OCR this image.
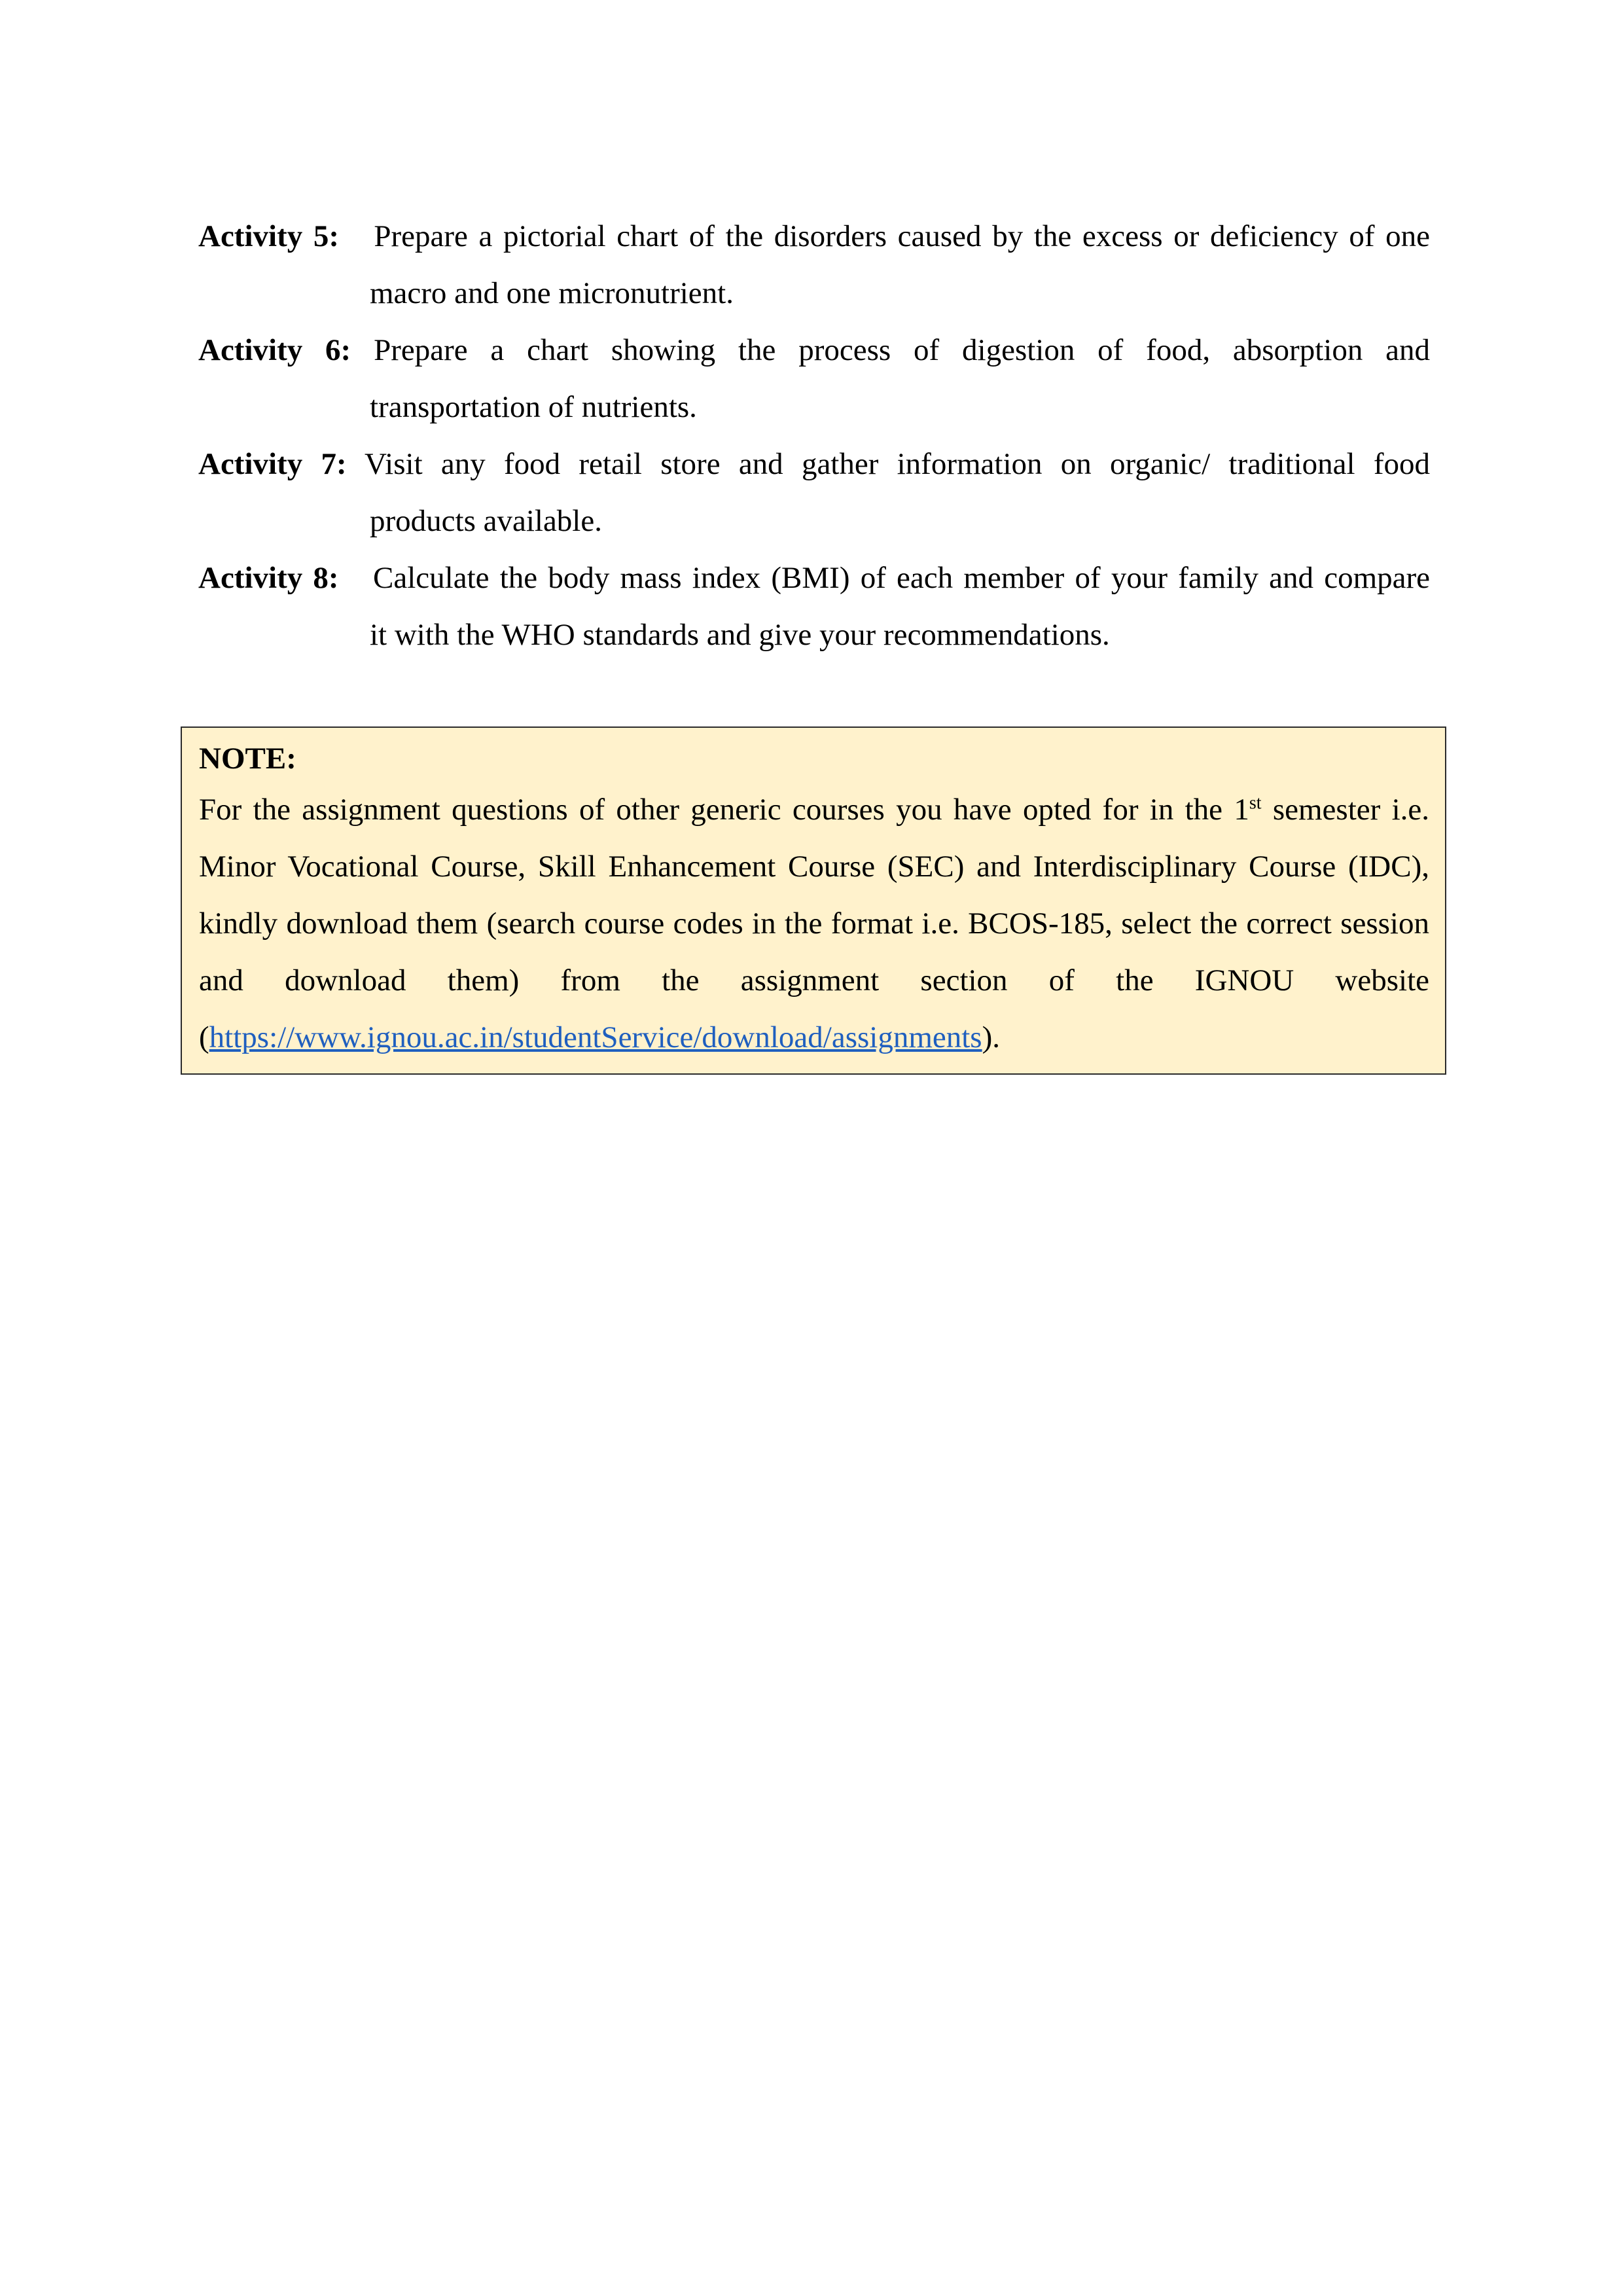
Activity 5: Prepare a pictorial chart of the disorders caused by the excess or deficiency of one
macro and one micronutrient.
Activity 6: Prepare a chart showing the process of digestion of food, absorption and
transportation of nutrients.
Activity 7: Visit any food retail store and gather information on organic/ traditional food
products available.
Activity 8: Calculate the body mass index (BMI) of each member of your family and compare
it with the WHO standards and give your recommendations.
NOTE:
For the assignment questions of other generic courses you have opted for in the 1st semester i.e. Minor Vocational Course, Skill Enhancement Course (SEC) and Interdisciplinary Course (IDC), kindly download them (search course codes in the format i.e. BCOS-185, select the correct session and download them) from the assignment section of the IGNOU website (https://www.ignou.ac.in/studentService/download/assignments).
